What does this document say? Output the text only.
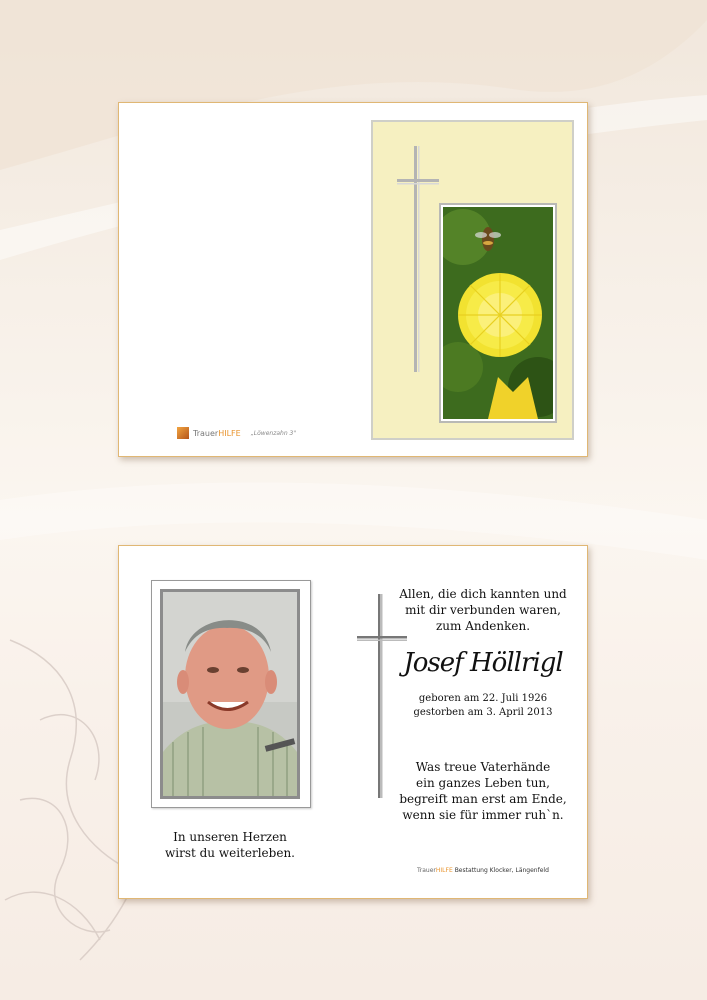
Trauer HILFE „Löwenzahn 3"
Allen, die dich kannten und
mit dir verbunden waren,
zum Andenken.
Josef Höllrigl
geboren am 22. Juli 1926
gestorben am 3. April 2013
Was treue Vaterhände
ein ganzes Leben tun,
begreift man erst am Ende,
wenn sie für immer ruh`n.
In unseren Herzen
wirst du weiterleben.
TrauerHILFE Bestattung Klocker, Längenfeld
